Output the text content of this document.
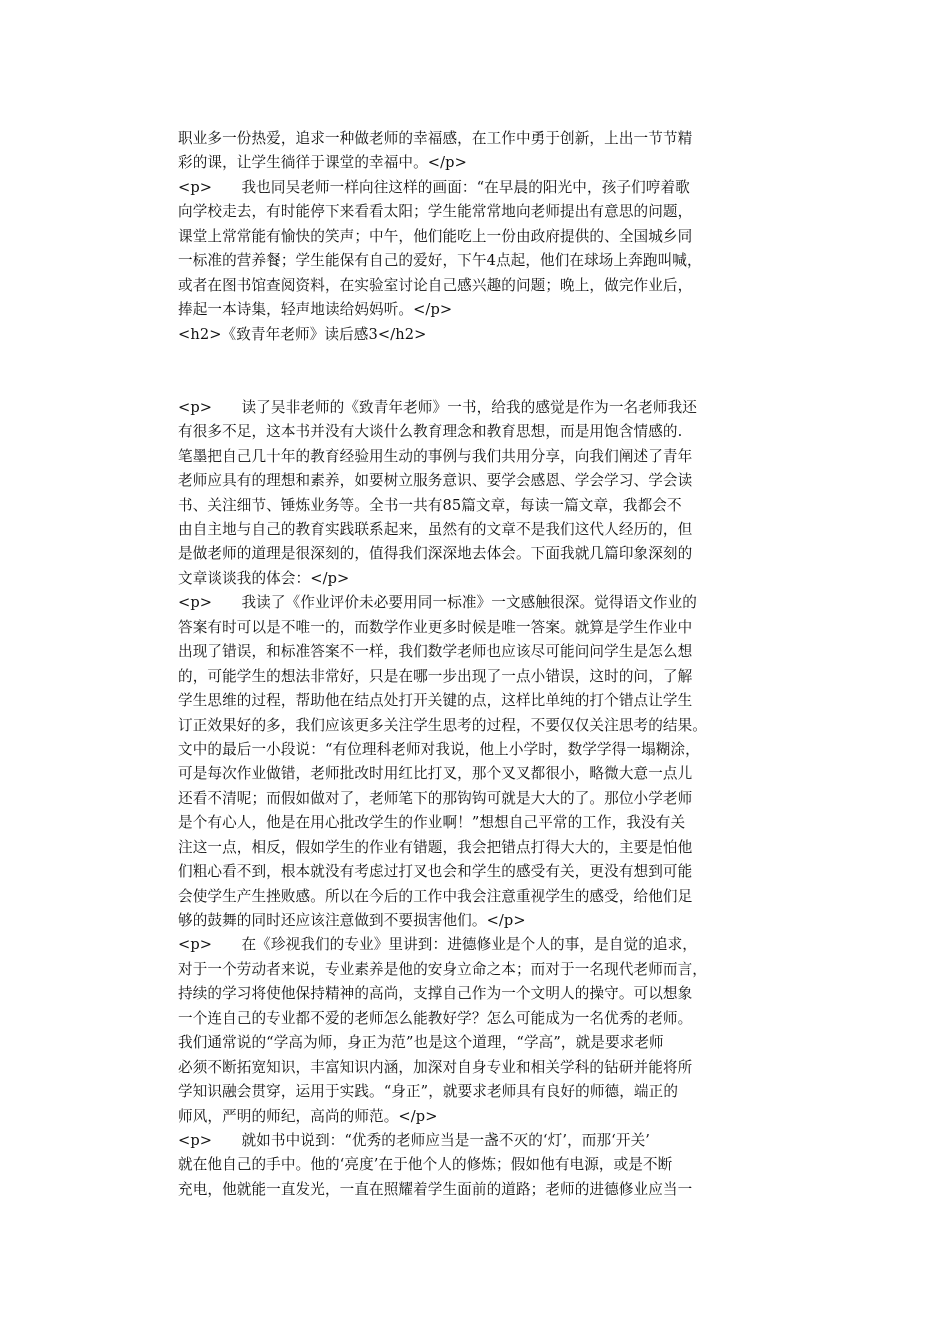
职业多一份热爱，追求一种做老师的幸福感，在工作中勇于创新，上出一节节精
彩的课，让学生徜徉于课堂的幸福中。</p>
<p>　　我也同吴老师一样向往这样的画面：“在早晨的阳光中，孩子们哼着歌
向学校走去，有时能停下来看看太阳；学生能常常地向老师提出有意思的问题，
课堂上常常能有愉快的笑声；中午，他们能吃上一份由政府提供的、全国城乡同
一标准的营养餐；学生能保有自己的爱好，下午4点起，他们在球场上奔跑叫喊，
或者在图书馆查阅资料，在实验室讨论自己感兴趣的问题；晚上，做完作业后，
捧起一本诗集，轻声地读给妈妈听。</p>
<h2>《致青年老师》读后感3</h2>
<p>　　读了吴非老师的《致青年老师》一书，给我的感觉是作为一名老师我还
有很多不足，这本书并没有大谈什么教育理念和教育思想，而是用饱含情感的.
笔墨把自己几十年的教育经验用生动的事例与我们共用分享，向我们阐述了青年
老师应具有的理想和素养，如要树立服务意识、要学会感恩、学会学习、学会读
书、关注细节、锤炼业务等。全书一共有85篇文章，每读一篇文章，我都会不
由自主地与自己的教育实践联系起来，虽然有的文章不是我们这代人经历的，但
是做老师的道理是很深刻的，值得我们深深地去体会。下面我就几篇印象深刻的
文章谈谈我的体会：</p>
<p>　　我读了《作业评价未必要用同一标准》一文感触很深。觉得语文作业的
答案有时可以是不唯一的，而数学作业更多时候是唯一答案。就算是学生作业中
出现了错误，和标准答案不一样，我们数学老师也应该尽可能问问学生是怎么想
的，可能学生的想法非常好，只是在哪一步出现了一点小错误，这时的问，了解
学生思维的过程，帮助他在结点处打开关键的点，这样比单纯的打个错点让学生
订正效果好的多，我们应该更多关注学生思考的过程，不要仅仅关注思考的结果。
文中的最后一小段说：“有位理科老师对我说，他上小学时，数学学得一塌糊涂，
可是每次作业做错，老师批改时用红比打叉，那个叉叉都很小，略微大意一点儿
还看不清呢；而假如做对了，老师笔下的那钩钩可就是大大的了。那位小学老师
是个有心人，他是在用心批改学生的作业啊！”想想自己平常的工作，我没有关
注这一点，相反，假如学生的作业有错题，我会把错点打得大大的，主要是怕他
们粗心看不到，根本就没有考虑过打叉也会和学生的感受有关，更没有想到可能
会使学生产生挫败感。所以在今后的工作中我会注意重视学生的感受，给他们足
够的鼓舞的同时还应该注意做到不要损害他们。</p>
<p>　　在《珍视我们的专业》里讲到：进德修业是个人的事，是自觉的追求，
对于一个劳动者来说，专业素养是他的安身立命之本；而对于一名现代老师而言，
持续的学习将使他保持精神的高尚，支撑自己作为一个文明人的操守。可以想象
一个连自己的专业都不爱的老师怎么能教好学？怎么可能成为一名优秀的老师。
我们通常说的“学高为师，身正为范”也是这个道理，“学高”，就是要求老师
必须不断拓宽知识，丰富知识内涵，加深对自身专业和相关学科的钻研并能将所
学知识融会贯穿，运用于实践。“身正”，就要求老师具有良好的师德，端正的
师风，严明的师纪，高尚的师范。</p>
<p>　　就如书中说到：“优秀的老师应当是一盏不灭的‘灯’，而那‘开关’
就在他自己的手中。他的‘亮度’在于他个人的修炼；假如他有电源，或是不断
充电，他就能一直发光，一直在照耀着学生面前的道路；老师的进德修业应当一
